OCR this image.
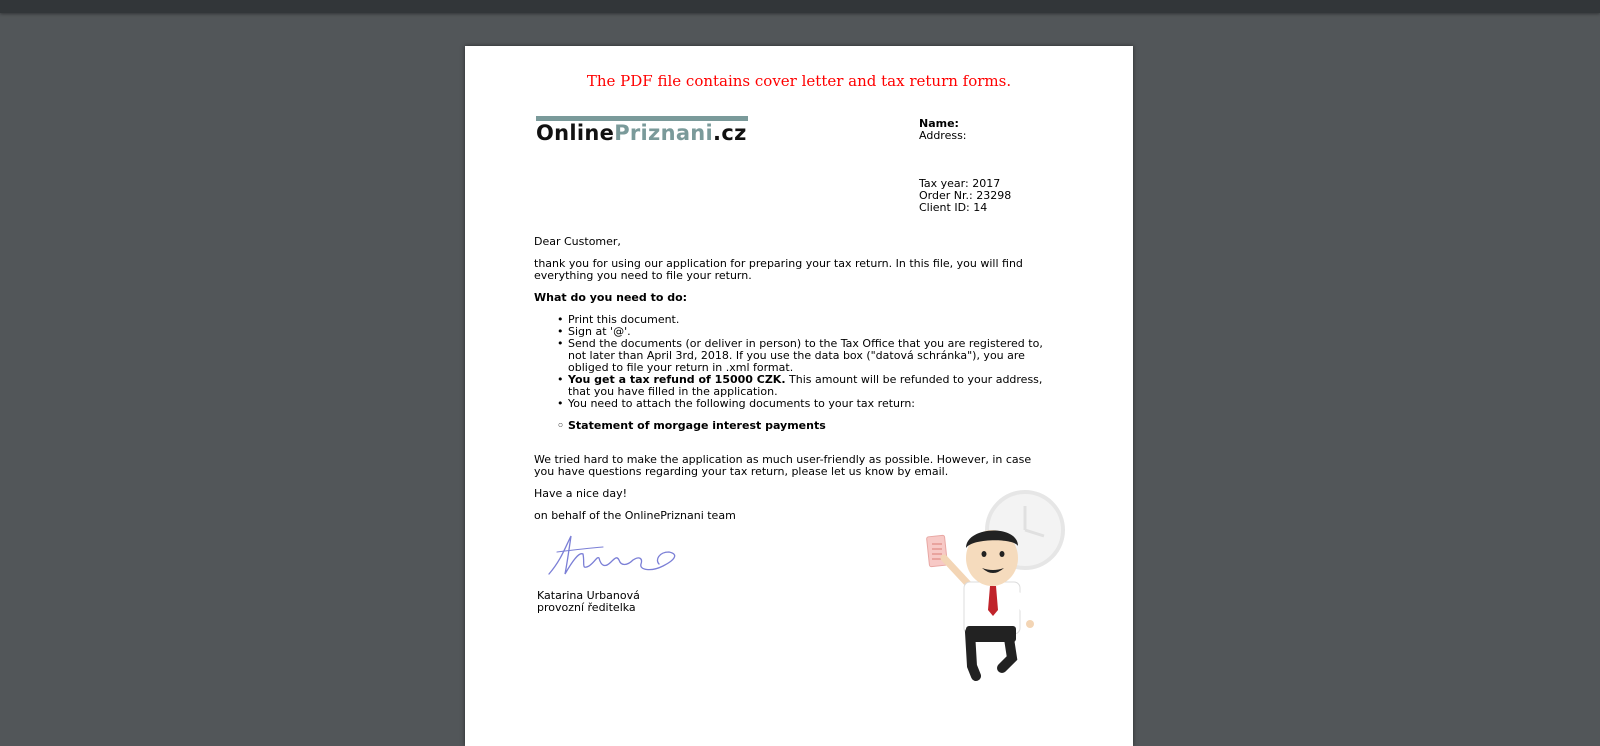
The PDF file contains cover letter and tax return forms.
OnlinePriznani.cz	Name:
Address:
Tax year: 2017
Order Nr.: 23298
Client ID: 14

Dear Customer,

thank you for using our application for preparing your tax return. In this file, you will find everything you need to file your return.

What do you need to do:

• Print this document.
• Sign at '@'.
• Send the documents (or deliver in person) to the Tax Office that you are registered to, not later than April 3rd, 2018. If you use the data box ("datová schránka"), you are obliged to file your return in .xml format.
• You get a tax refund of 15000 CZK. This amount will be refunded to your address, that you have filled in the application.
• You need to attach the following documents to your tax return:
◦ Statement of morgage interest payments

We tried hard to make the application as much user-friendly as possible. However, in case you have questions regarding your tax return, please let us know by email.

Have a nice day!

on behalf of the OnlinePriznani team

Katarina Urbanová
provozní ředitelka
